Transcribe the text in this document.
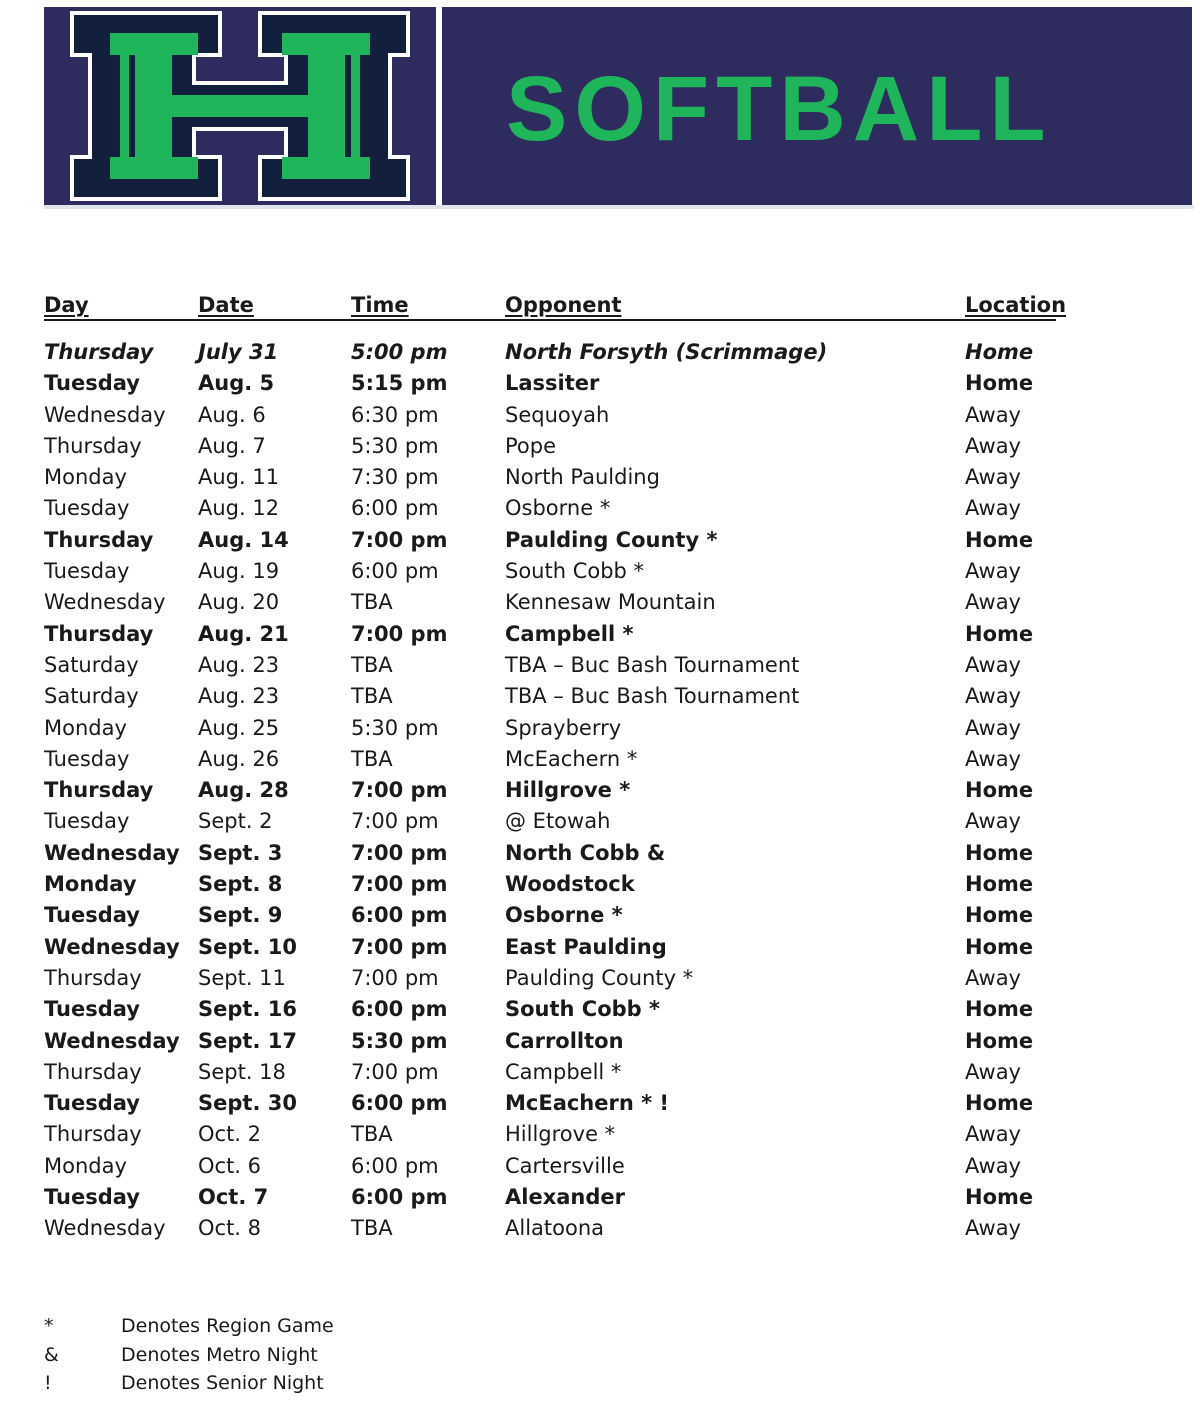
SOFTBALL
Day	Date	Time	Opponent	Location
Thursday July 31	5:00 pm	North Forsyth (Scrimmage)	Home
Tuesday	Aug. 5	5:15 pm	Lassiter	Home
Wednesday Aug. 6	6:30 pm	Sequoyah	Away
Thursday	Aug. 7	5:30 pm	Pope	Away
Monday	Aug. 11	7:30 pm	North Paulding	Away
Tuesday	Aug. 12	6:00 pm	Osborne *	Away
Thursday Aug. 14	7:00 pm	Paulding County *	Home
Tuesday	Aug. 19	6:00 pm	South Cobb *	Away
Wednesday Aug. 20	TBA	Kennesaw Mountain	Away
Thursday Aug. 21	7:00 pm	Campbell *	Home
Saturday	Aug. 23	TBA	TBA – Buc Bash Tournament	Away
Saturday	Aug. 23	TBA	TBA – Buc Bash Tournament	Away
Monday	Aug. 25	5:30 pm	Sprayberry	Away
Tuesday	Aug. 26	TBA	McEachern *	Away
Thursday Aug. 28	7:00 pm	Hillgrove *	Home
Tuesday	Sept. 2	7:00 pm	@ Etowah	Away
Wednesday Sept. 3	7:00 pm	North Cobb &	Home
Monday	Sept. 8	7:00 pm	Woodstock	Home
Tuesday	Sept. 9	6:00 pm	Osborne *	Home
Wednesday Sept. 10	7:00 pm	East Paulding	Home
Thursday	Sept. 11	7:00 pm	Paulding County *	Away
Tuesday	Sept. 16	6:00 pm	South Cobb *	Home
Wednesday Sept. 17	5:30 pm	Carrollton	Home
Thursday	Sept. 18	7:00 pm	Campbell *	Away
Tuesday	Sept. 30	6:00 pm	McEachern * !	Home
Thursday	Oct. 2	TBA	Hillgrove *	Away
Monday	Oct. 6	6:00 pm	Cartersville	Away
Tuesday	Oct. 7	6:00 pm	Alexander	Home
Wednesday Oct. 8	TBA	Allatoona	Away
*	Denotes Region Game
&	Denotes Metro Night
!	Denotes Senior Night
